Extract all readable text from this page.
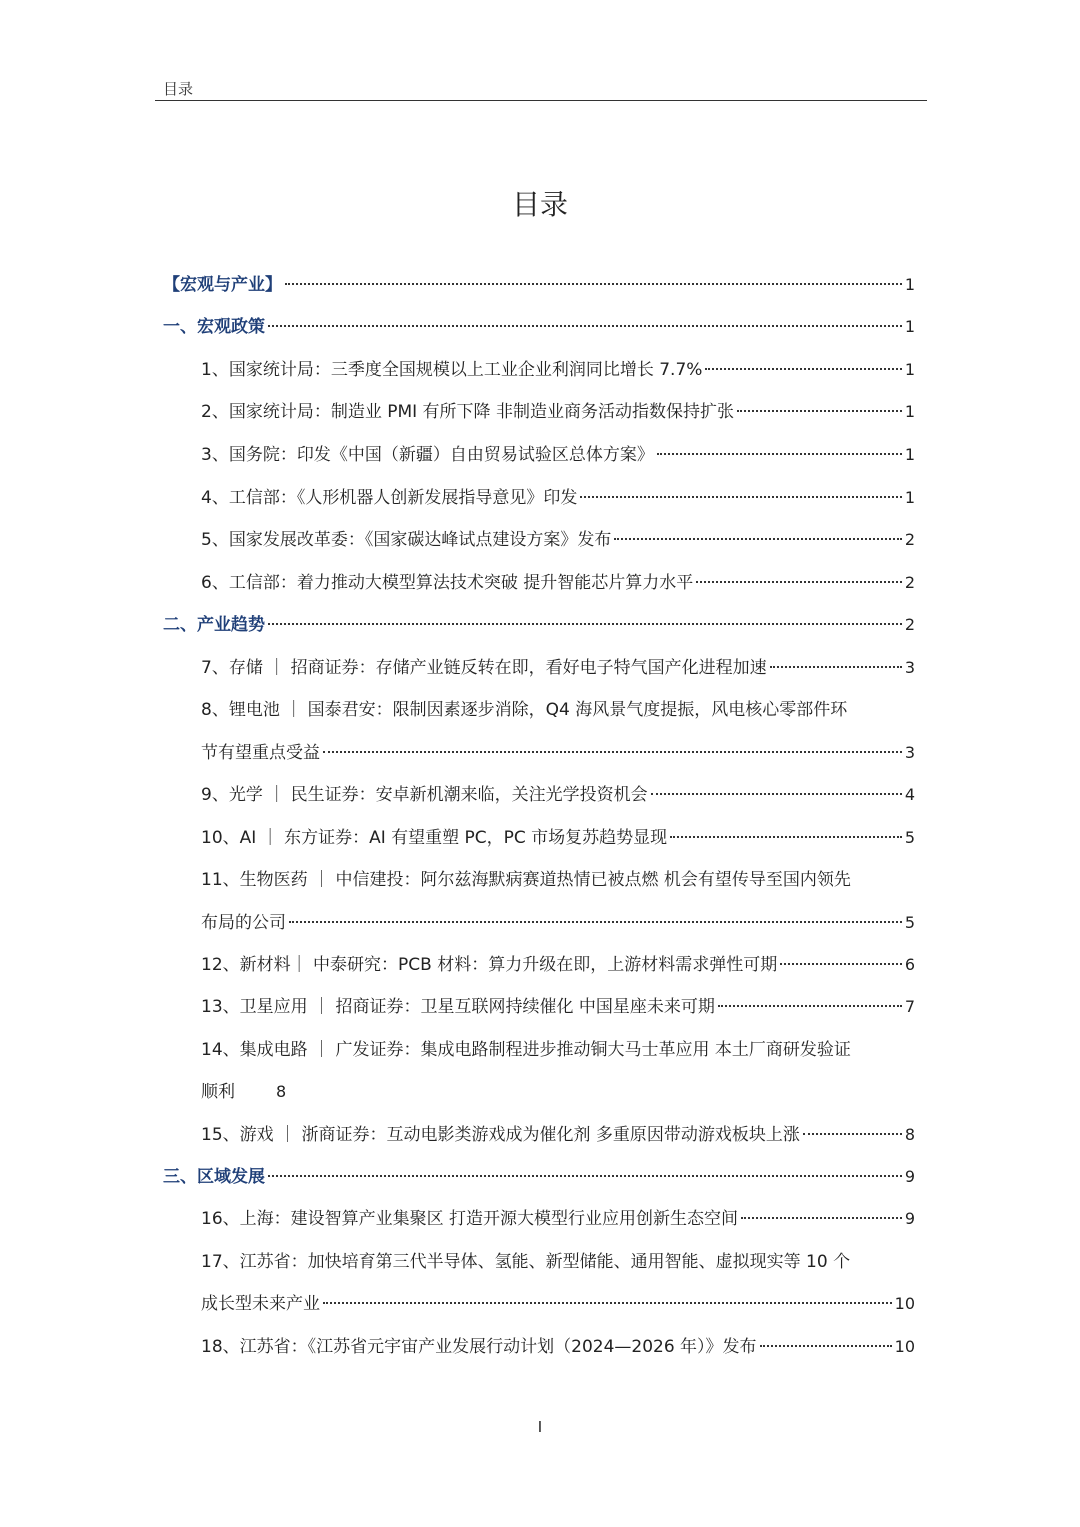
目录
目录
【宏观与产业】	1
一、宏观政策	1
1、国家统计局：三季度全国规模以上工业企业利润同比增长 7.7%	1
2、国家统计局：制造业 PMI 有所下降 非制造业商务活动指数保持扩张	1
3、国务院：印发《中国（新疆）自由贸易试验区总体方案》	1
4、工信部：《人形机器人创新发展指导意见》印发	1
5、国家发展改革委：《国家碳达峰试点建设方案》发布	2
6、工信部：着力推动大模型算法技术突破 提升智能芯片算力水平	2
二、产业趋势	2
7、存储 ｜ 招商证券：存储产业链反转在即，看好电子特气国产化进程加速	3
8、锂电池 ｜ 国泰君安：限制因素逐步消除，Q4 海风景气度提振，风电核心零部件环
节有望重点受益	3
9、光学 ｜ 民生证券：安卓新机潮来临，关注光学投资机会	4
10、AI ｜ 东方证券：AI 有望重塑 PC，PC 市场复苏趋势显现	5
11、生物医药 ｜ 中信建投：阿尔兹海默病赛道热情已被点燃 机会有望传导至国内领先
布局的公司	5
12、新材料｜ 中泰研究：PCB 材料：算力升级在即，上游材料需求弹性可期	6
13、卫星应用 ｜ 招商证券：卫星互联网持续催化 中国星座未来可期	7
14、集成电路 ｜ 广发证券：集成电路制程进步推动铜大马士革应用 本土厂商研发验证
顺利	8
15、游戏 ｜ 浙商证券：互动电影类游戏成为催化剂 多重原因带动游戏板块上涨	8
三、区域发展	9
16、上海：建设智算产业集聚区 打造开源大模型行业应用创新生态空间	9
17、江苏省：加快培育第三代半导体、氢能、新型储能、通用智能、虚拟现实等 10 个
成长型未来产业	10
18、江苏省：《江苏省元宇宙产业发展行动计划（2024—2026 年）》发布	10
I
